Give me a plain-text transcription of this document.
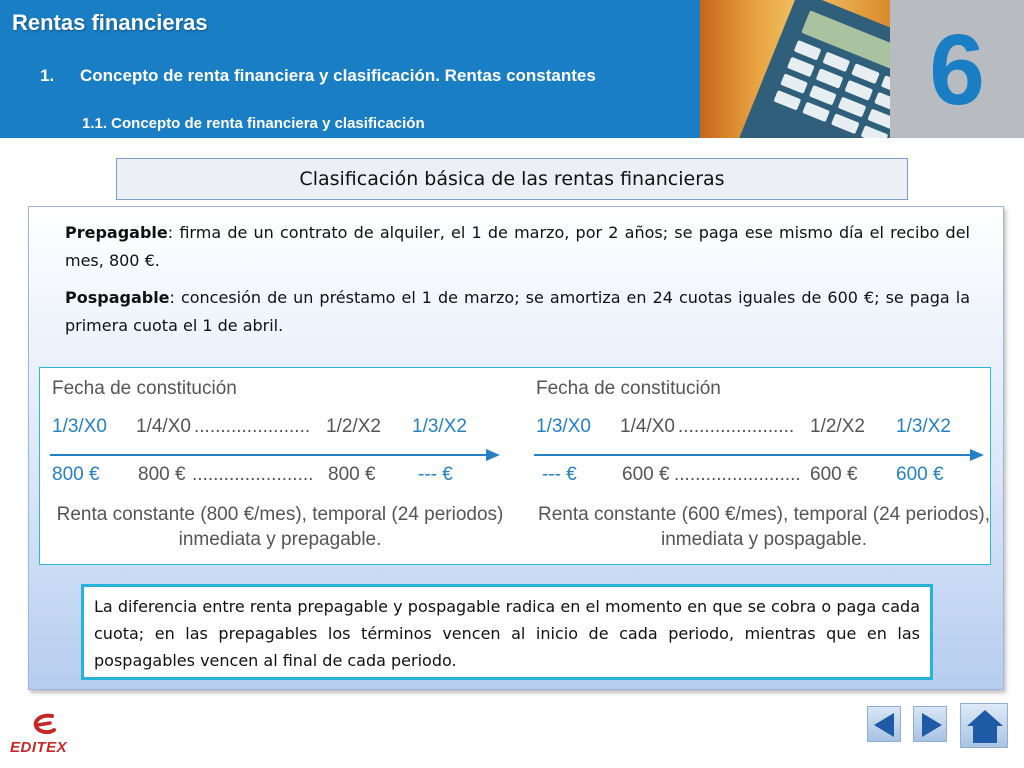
Rentas financieras
1. Concepto de renta financiera y clasificación. Rentas constantes
1.1. Concepto de renta financiera y clasificación	6
Clasificación básica de las rentas financieras
Prepagable: firma de un contrato de alquiler, el 1 de marzo, por 2 años; se paga ese mismo día el recibo del mes, 800 €.
Pospagable: concesión de un préstamo el 1 de marzo; se amortiza en 24 cuotas iguales de 600 €; se paga la primera cuota el 1 de abril.
Fecha de constitución
1/3/X0 1/4/X0 ...................... 1/2/X2 1/3/X2
800 € 800 € ....................... 800 € --- €
Renta constante (800 €/mes), temporal (24 periodos)
inmediata y prepagable.
Fecha de constitución
1/3/X0 1/4/X0 ...................... 1/2/X2 1/3/X2
--- € 600 € ........................ 600 € 600 €
Renta constante (600 €/mes), temporal (24 periodos),
inmediata y pospagable.
La diferencia entre renta prepagable y pospagable radica en el momento en que se cobra o paga cada cuota; en las prepagables los términos vencen al inicio de cada periodo, mientras que en las pospagables vencen al final de cada periodo.
EDITEX
